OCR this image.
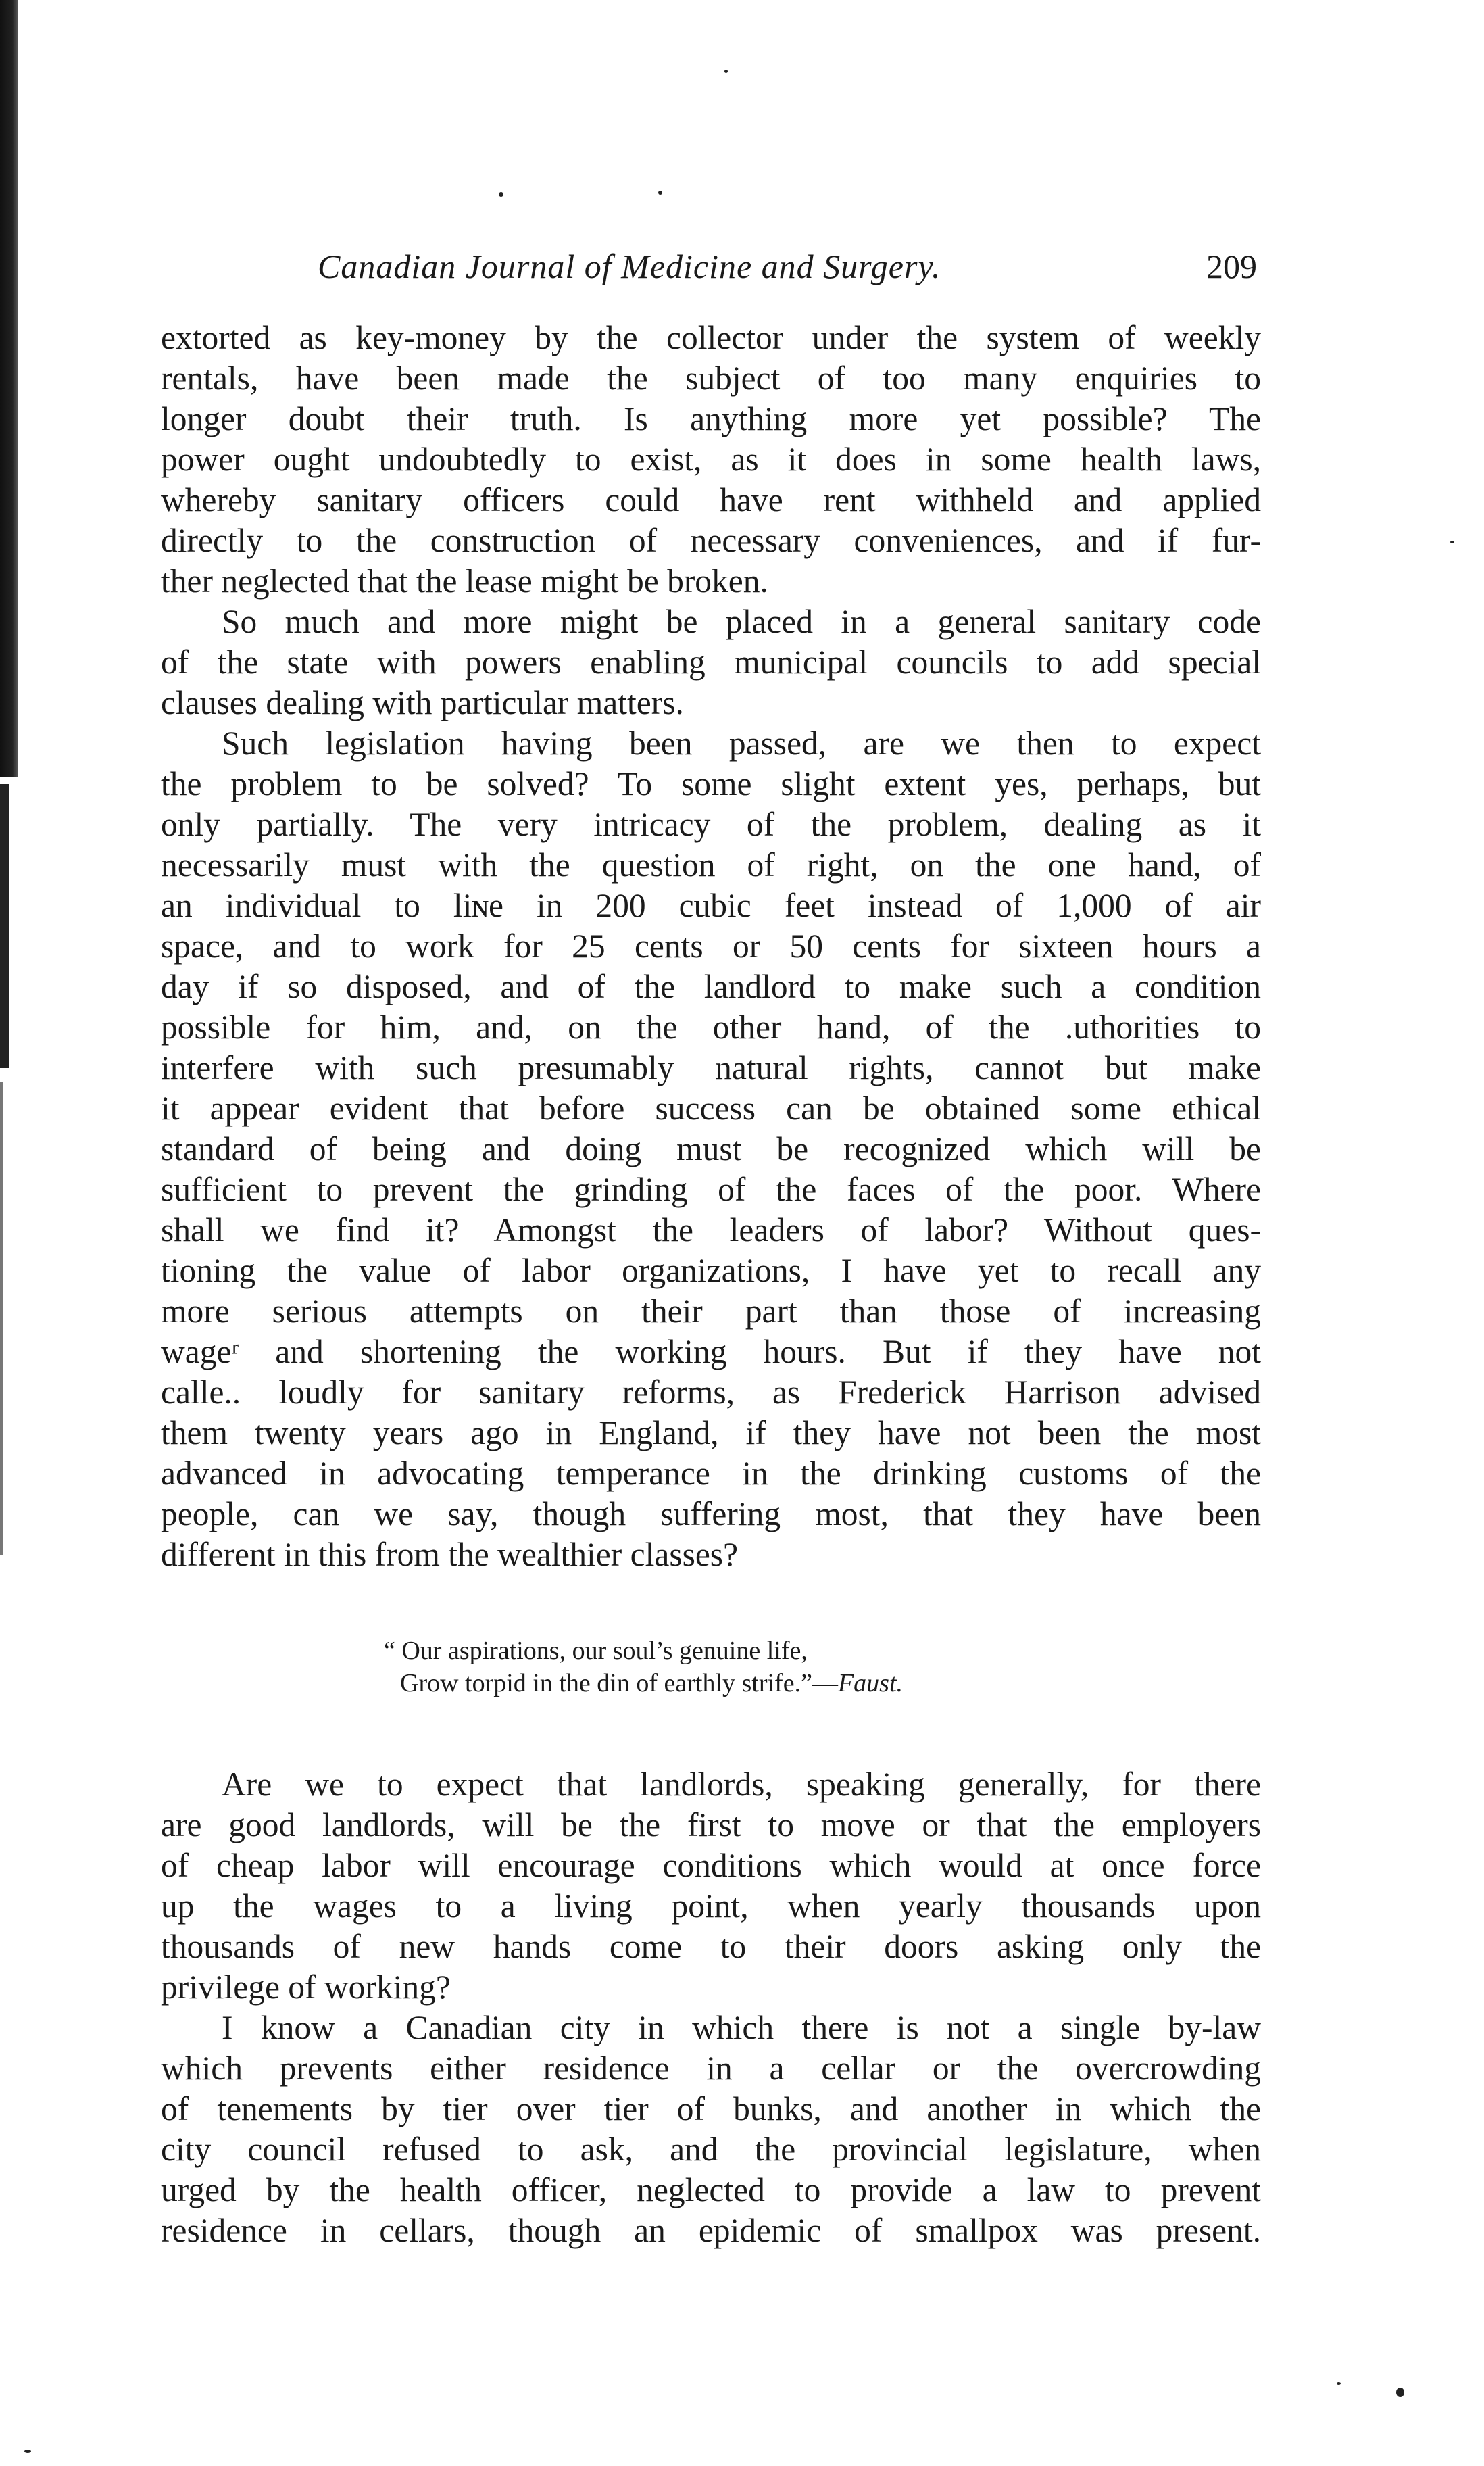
Canadian Journal of Medicine and Surgery.	209
extorted as key-money by the collector under the system of weekly
rentals, have been made the subject of too many enquiries to
longer doubt their truth. Is anything more yet possible? The
power ought undoubtedly to exist, as it does in some health laws,
whereby sanitary officers could have rent withheld and applied
directly to the construction of necessary conveniences, and if fur-
ther neglected that the lease might be broken.
So much and more might be placed in a general sanitary code
of the state with powers enabling municipal councils to add special
clauses dealing with particular matters.
Such legislation having been passed, are we then to expect
the problem to be solved? To some slight extent yes, perhaps, but
only partially. The very intricacy of the problem, dealing as it
necessarily must with the question of right, on the one hand, of
an individual to liɴe in 200 cubic feet instead of 1,000 of air
space, and to work for 25 cents or 50 cents for sixteen hours a
day if so disposed, and of the landlord to make such a condition
possible for him, and, on the other hand, of the .uthorities to
interfere with such presumably natural rights, cannot but make
it appear evident that before success can be obtained some ethical
standard of being and doing must be recognized which will be
sufficient to prevent the grinding of the faces of the poor. Where
shall we find it? Amongst the leaders of labor? Without ques-
tioning the value of labor organizations, I have yet to recall any
more serious attempts on their part than those of increasing
wageʳ and shortening the working hours. But if they have not
calle.. loudly for sanitary reforms, as Frederick Harrison advised
them twenty years ago in England, if they have not been the most
advanced in advocating temperance in the drinking customs of the
people, can we say, though suffering most, that they have been
different in this from the wealthier classes?
“ Our aspirations, our soul’s genuine life,
Grow torpid in the din of earthly strife.”—Faust.
Are we to expect that landlords, speaking generally, for there
are good landlords, will be the first to move or that the employers
of cheap labor will encourage conditions which would at once force
up the wages to a living point, when yearly thousands upon
thousands of new hands come to their doors asking only the
privilege of working?
I know a Canadian city in which there is not a single by-law
which prevents either residence in a cellar or the overcrowding
of tenements by tier over tier of bunks, and another in which the
city council refused to ask, and the provincial legislature, when
urged by the health officer, neglected to provide a law to prevent
residence in cellars, though an epidemic of smallpox was present.
